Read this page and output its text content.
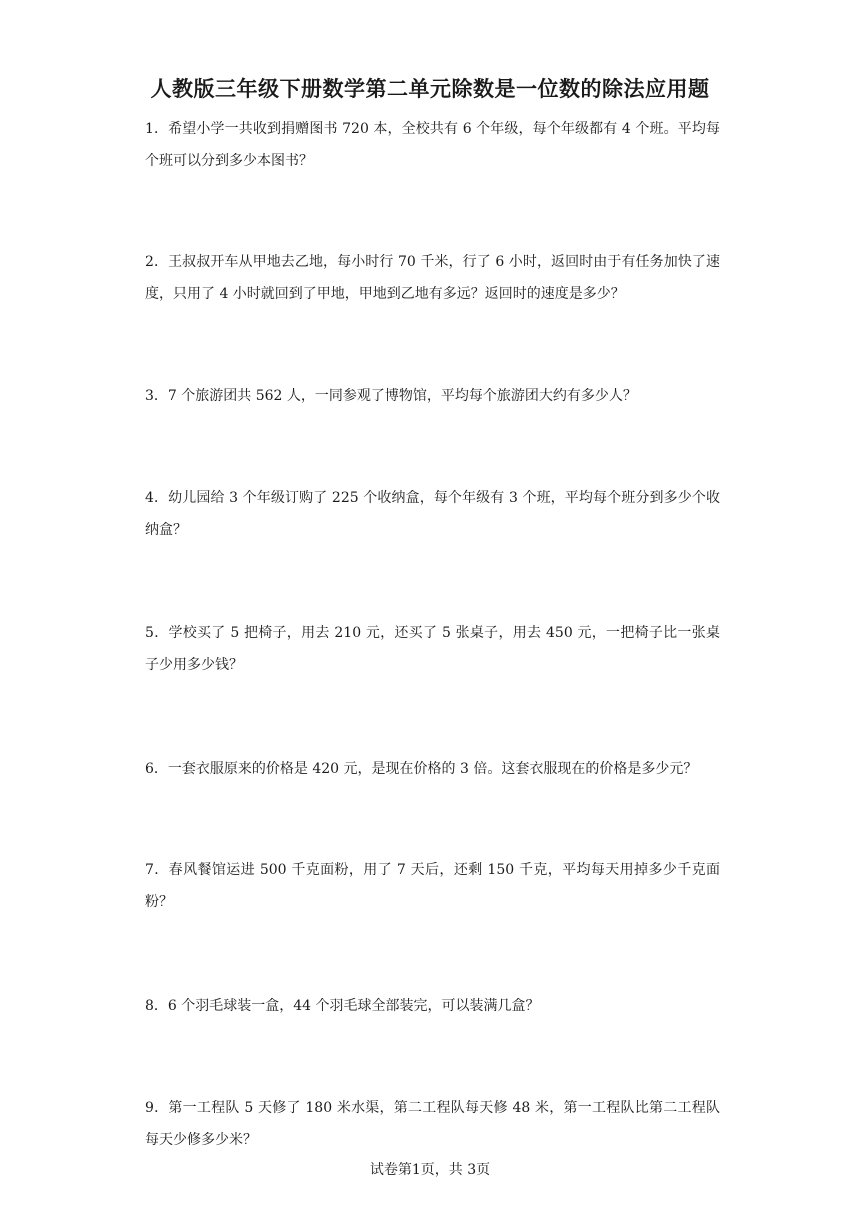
人教版三年级下册数学第二单元除数是一位数的除法应用题
1．希望小学一共收到捐赠图书 720 本，全校共有 6 个年级，每个年级都有 4 个班。平均每个班可以分到多少本图书？
2．王叔叔开车从甲地去乙地，每小时行 70 千米，行了 6 小时，返回时由于有任务加快了速度，只用了 4 小时就回到了甲地，甲地到乙地有多远？返回时的速度是多少？
3．7 个旅游团共 562 人，一同参观了博物馆，平均每个旅游团大约有多少人？
4．幼儿园给 3 个年级订购了 225 个收纳盒，每个年级有 3 个班，平均每个班分到多少个收纳盒？
5．学校买了 5 把椅子，用去 210 元，还买了 5 张桌子，用去 450 元，一把椅子比一张桌子少用多少钱？
6．一套衣服原来的价格是 420 元，是现在价格的 3 倍。这套衣服现在的价格是多少元？
7．春风餐馆运进 500 千克面粉，用了 7 天后，还剩 150 千克，平均每天用掉多少千克面粉？
8．6 个羽毛球装一盒，44 个羽毛球全部装完，可以装满几盒？
9．第一工程队 5 天修了 180 米水渠，第二工程队每天修 48 米，第一工程队比第二工程队每天少修多少米？
试卷第1页，共 3页
